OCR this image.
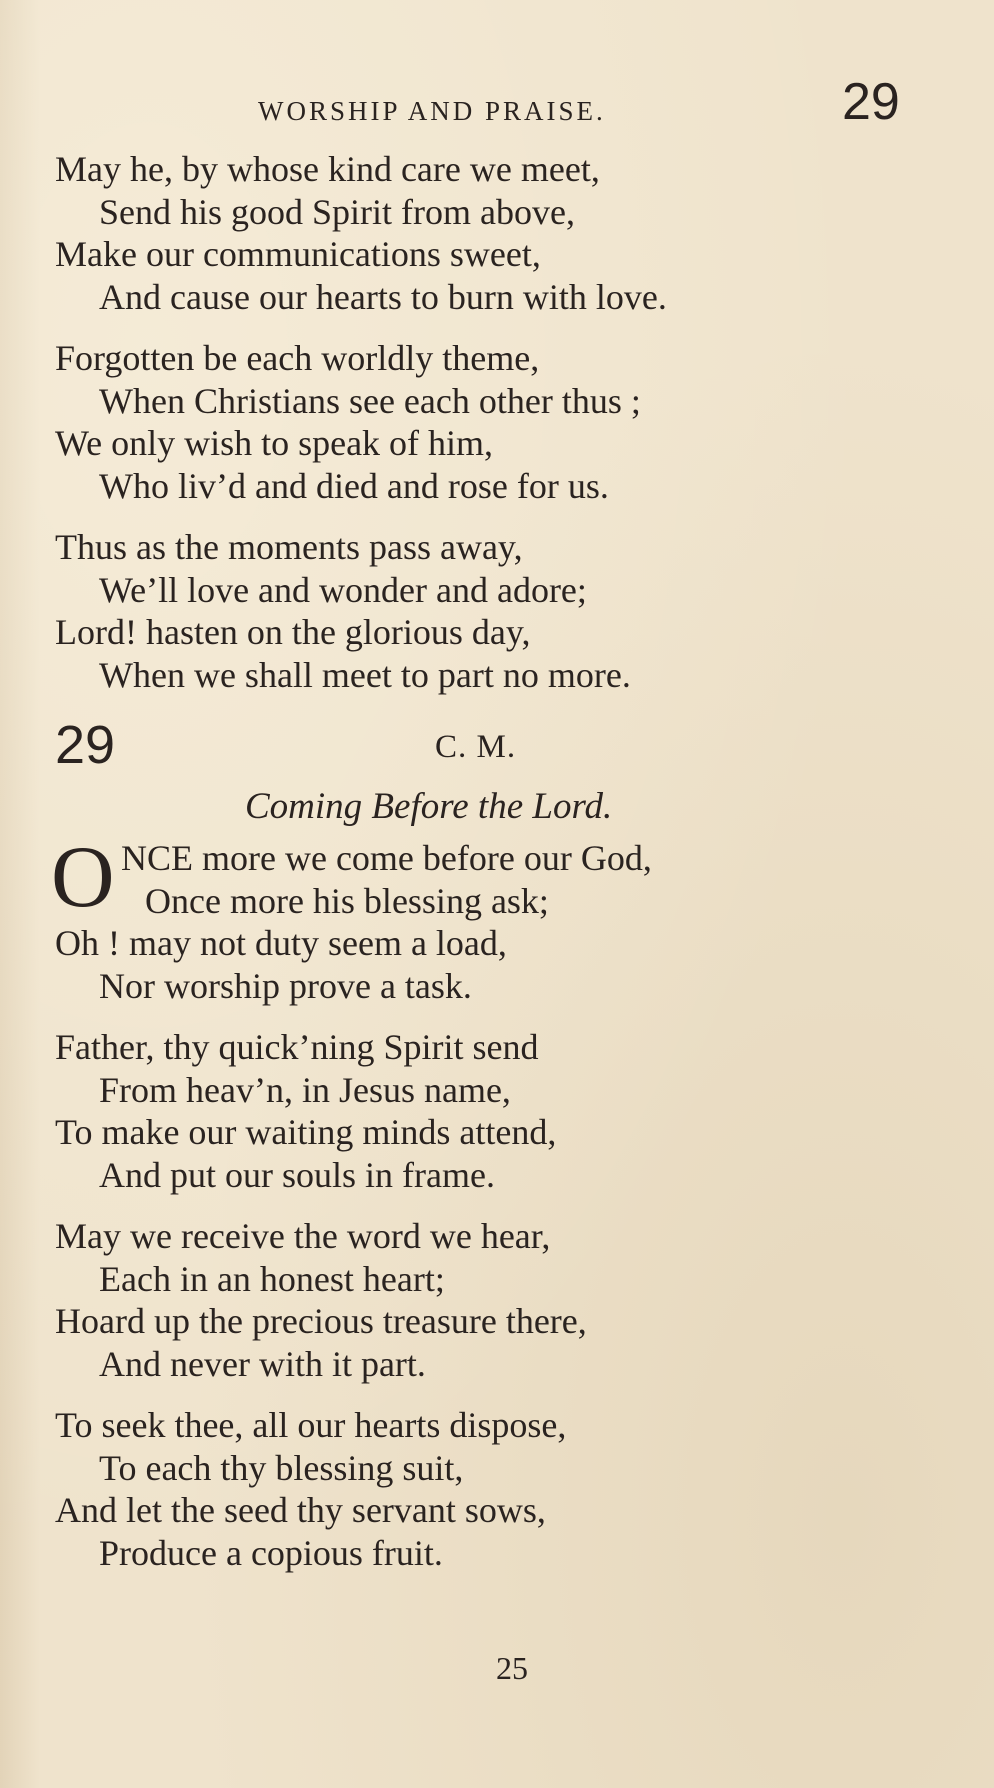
WORSHIP AND PRAISE.	29
May he, by whose kind care we meet,
Send his good Spirit from above,
Make our communications sweet,
And cause our hearts to burn with love.
Forgotten be each worldly theme,
When Christians see each other thus ;
We only wish to speak of him,
Who liv’d and died and rose for us.
Thus as the moments pass away,
We’ll love and wonder and adore;
Lord! hasten on the glorious day,
When we shall meet to part no more.
29	C. M.
Coming Before the Lord.
O NCE more we come before our God,
Once more his blessing ask;
Oh ! may not duty seem a load,
Nor worship prove a task.
Father, thy quick’ning Spirit send
From heav’n, in Jesus name,
To make our waiting minds attend,
And put our souls in frame.
May we receive the word we hear,
Each in an honest heart;
Hoard up the precious treasure there,
And never with it part.
To seek thee, all our hearts dispose,
To each thy blessing suit,
And let the seed thy servant sows,
Produce a copious fruit.
25
